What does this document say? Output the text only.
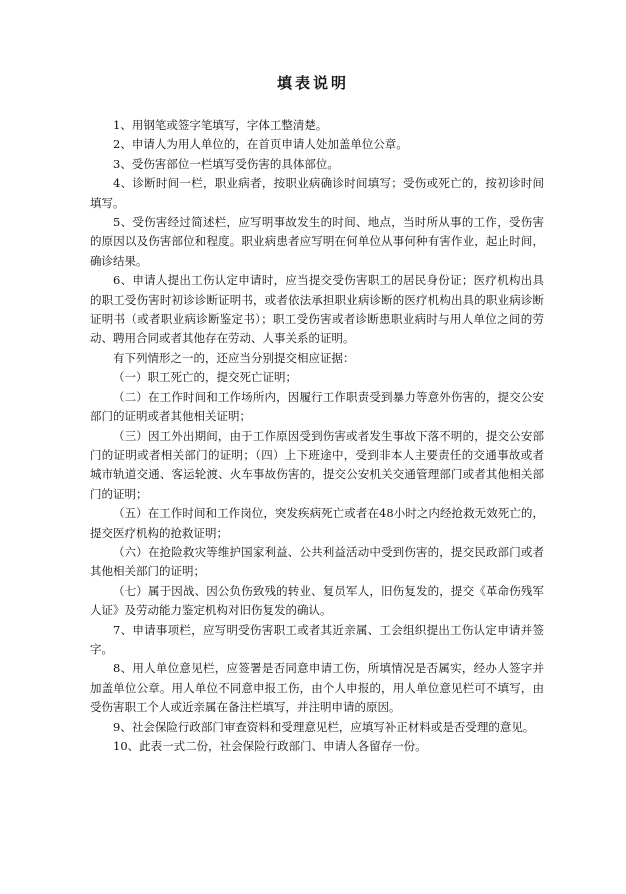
填表说明

1、用钢笔或签字笔填写，字体工整清楚。

2、申请人为用人单位的，在首页申请人处加盖单位公章。

3、受伤害部位一栏填写受伤害的具体部位。

4、诊断时间一栏，职业病者，按职业病确诊时间填写；受伤或死亡的，按初诊时间填写。

5、受伤害经过简述栏，应写明事故发生的时间、地点，当时所从事的工作，受伤害的原因以及伤害部位和程度。职业病患者应写明在何单位从事何种有害作业，起止时间，确诊结果。

6、申请人提出工伤认定申请时，应当提交受伤害职工的居民身份证；医疗机构出具的职工受伤害时初诊诊断证明书，或者依法承担职业病诊断的医疗机构出具的职业病诊断证明书（或者职业病诊断鉴定书）；职工受伤害或者诊断患职业病时与用人单位之间的劳动、聘用合同或者其他存在劳动、人事关系的证明。

有下列情形之一的，还应当分别提交相应证据：

（一）职工死亡的，提交死亡证明；

（二）在工作时间和工作场所内，因履行工作职责受到暴力等意外伤害的，提交公安部门的证明或者其他相关证明；

（三）因工外出期间，由于工作原因受到伤害或者发生事故下落不明的，提交公安部门的证明或者相关部门的证明；（四）上下班途中，受到非本人主要责任的交通事故或者城市轨道交通、客运轮渡、火车事故伤害的，提交公安机关交通管理部门或者其他相关部门的证明；

（五）在工作时间和工作岗位，突发疾病死亡或者在48小时之内经抢救无效死亡的，提交医疗机构的抢救证明；

（六）在抢险救灾等维护国家利益、公共利益活动中受到伤害的，提交民政部门或者其他相关部门的证明；

（七）属于因战、因公负伤致残的转业、复员军人，旧伤复发的，提交《革命伤残军人证》及劳动能力鉴定机构对旧伤复发的确认。

7、申请事项栏，应写明受伤害职工或者其近亲属、工会组织提出工伤认定申请并签字。

8、用人单位意见栏，应签署是否同意申请工伤，所填情况是否属实，经办人签字并加盖单位公章。用人单位不同意申报工伤，由个人申报的，用人单位意见栏可不填写，由受伤害职工个人或近亲属在备注栏填写，并注明申请的原因。

9、社会保险行政部门审查资料和受理意见栏，应填写补正材料或是否受理的意见。

10、此表一式二份，社会保险行政部门、申请人各留存一份。
